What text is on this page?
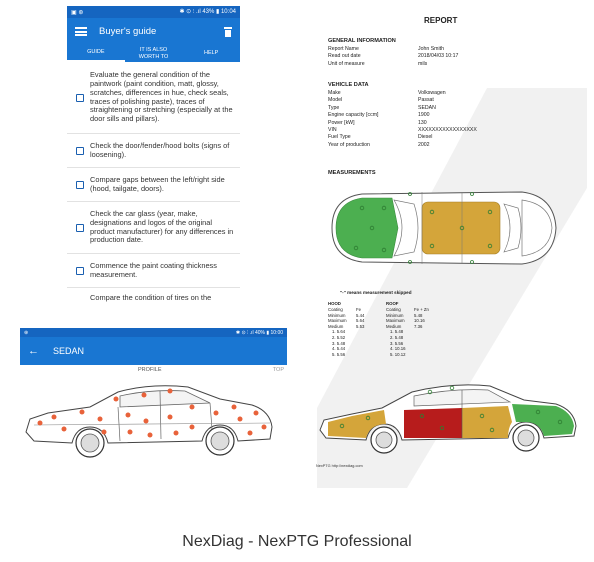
▣ ⊛	✱ ⊙ ⫶ .ıl 43% ▮ 10:04
Buyer's guide
GUIDE	IT IS ALSO
WORTH TO
HELP
Evaluate the general condition of the paintwork (paint condition, matt, glossy, scratches, differences in hue, check seals, traces of polishing paste), traces of straightening or stretching (especially at the door sills and pillars).
Check the door/fender/hood bolts (signs of loosening).
Compare gaps between the left/right side (hood, tailgate, doors).
Check the car glass (year, make, designations and logos of the original product manufacturer) for any differences in production date.
Commence the paint coating thickness measurement.
Compare the condition of tires on the
⊛	✱ ⊙ ⫶ .ıl 40% ▮ 10:00
← SEDAN
PROFILE	TOP
REPORT
GENERAL INFORMATION
Report Name	John Smith
Read out date	2018/04/03 10:17
Unit of measure	mils
VEHICLE DATA
Make	Volkswagen
Model	Passat
Type	SEDAN
Engine capacity [ccm]	1900
Power [kW]	130
VIN	XXXXXXXXXXXXXXXXX
Fuel Type	Diesel
Year of production	2002
MEASUREMENTS
"-" means measurement skipped
HOOD
Coating	Fe
Minimum	5.44
Maximum	5.64
Medium	5.53
1. 5.64
2. 5.52
3. 5.48
4. 5.44
5. 5.56
ROOF
Coating	Fe + Zn
Minimum	5.48
Maximum	10.16
Medium	7.36
1. 5.48
2. 5.48
3. 5.56
4. 10.16
5. 10.12
NexPTG http://nexdiag.com
NexDiag - NexPTG Professional
